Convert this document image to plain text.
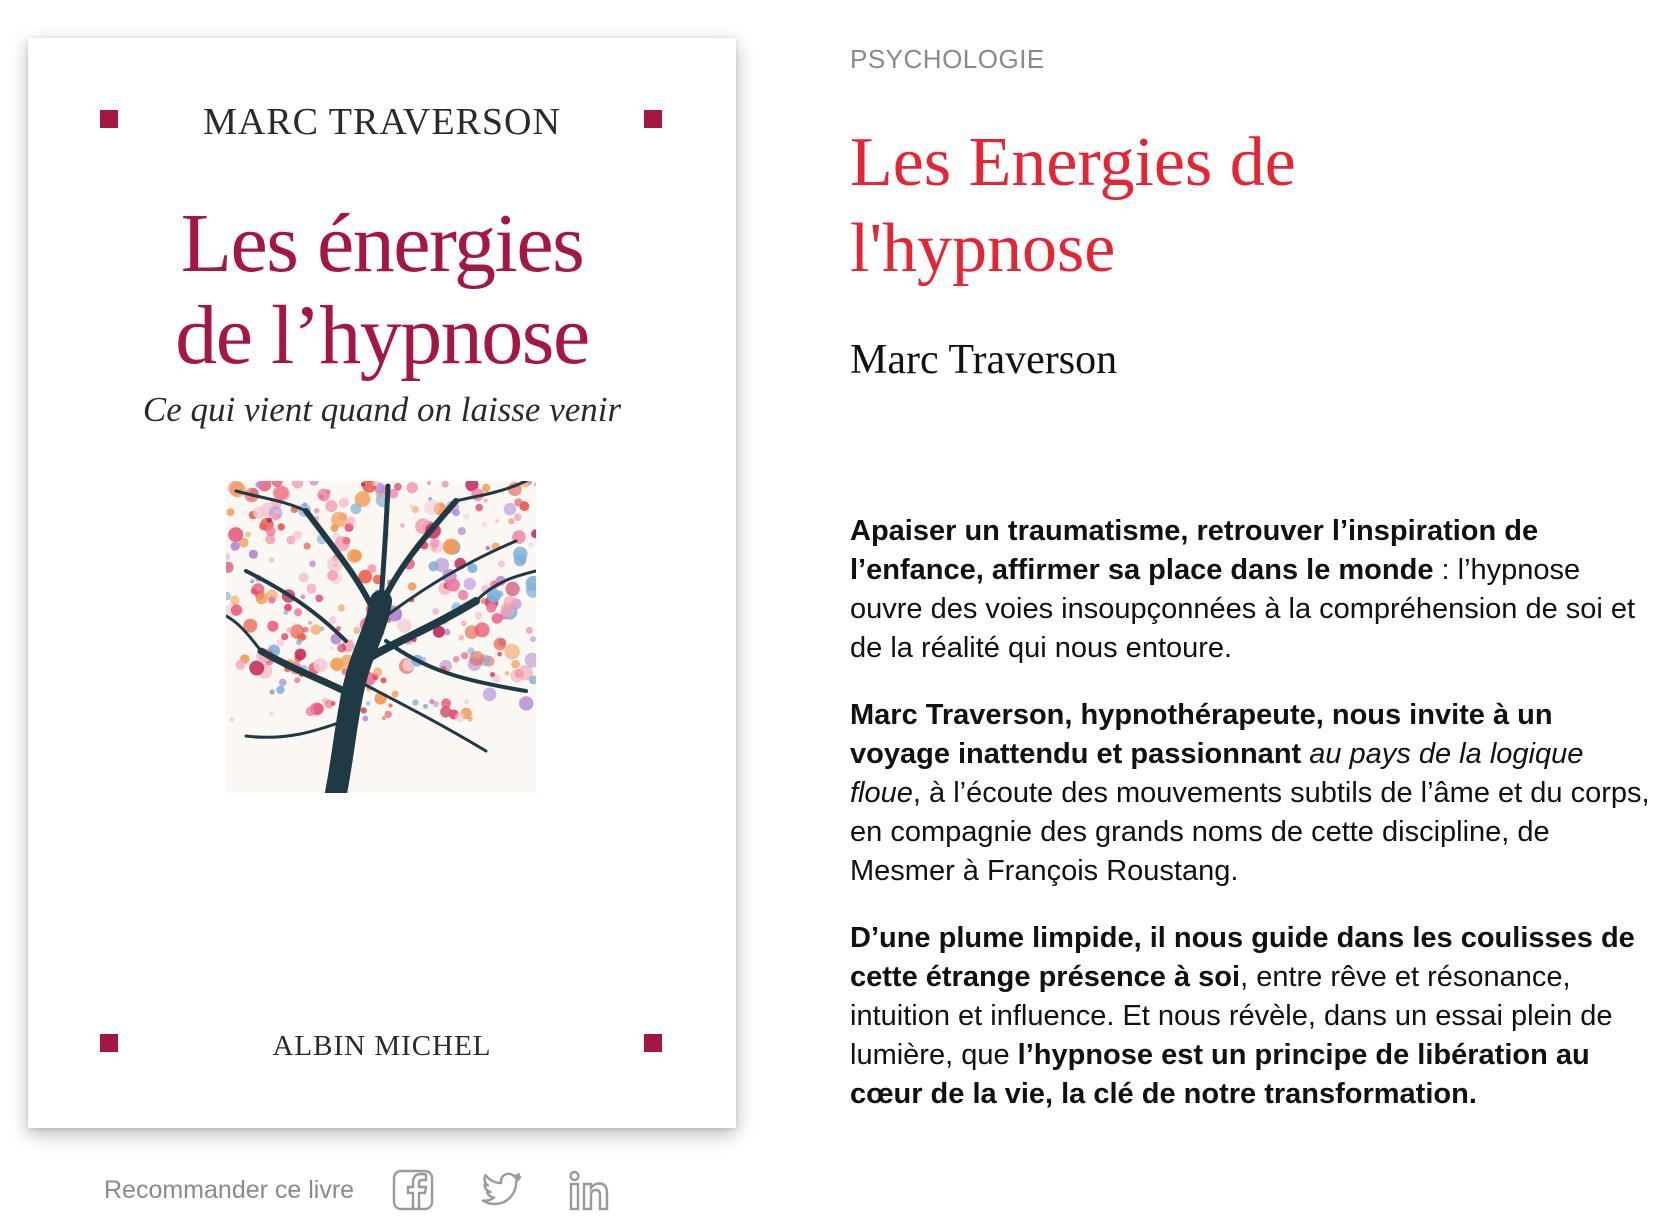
MARC TRAVERSON
Les énergies
de l’hypnose
Ce qui vient quand on laisse venir
ALBIN MICHEL
Recommander ce livre
PSYCHOLOGIE
Les Energies de l'hypnose
Marc Traverson

Apaiser un traumatisme, retrouver l’inspiration de l’enfance, affirmer sa place dans le monde : l’hypnose ouvre des voies insoupçonnées à la compréhension de soi et de la réalité qui nous entoure.

Marc Traverson, hypnothérapeute, nous invite à un voyage inattendu et passionnant au pays de la logique floue, à l’écoute des mouvements subtils de l’âme et du corps, en compagnie des grands noms de cette discipline, de Mesmer à François Roustang.

D’une plume limpide, il nous guide dans les coulisses de cette étrange présence à soi, entre rêve et résonance, intuition et influence. Et nous révèle, dans un essai plein de lumière, que l’hypnose est un principe de libération au cœur de la vie, la clé de notre transformation.
